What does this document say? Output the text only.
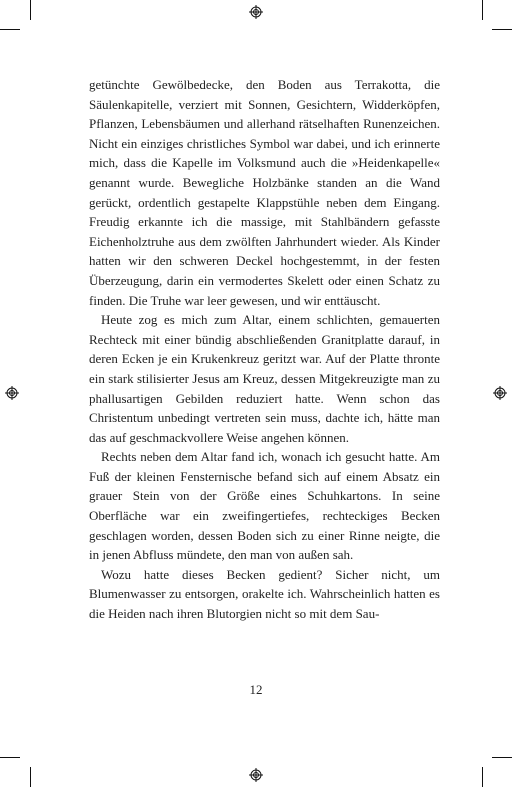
getünchte Gewölbedecke, den Boden aus Terrakotta, die Säulenkapitelle, verziert mit Sonnen, Gesichtern, Widderköpfen, Pflanzen, Lebensbäumen und allerhand rätselhaften Runenzeichen. Nicht ein einziges christliches Symbol war dabei, und ich erinnerte mich, dass die Kapelle im Volksmund auch die »Heidenkapelle« genannt wurde. Bewegliche Holzbänke standen an die Wand gerückt, ordentlich gestapelte Klappstühle neben dem Eingang. Freudig erkannte ich die massige, mit Stahlbändern gefasste Eichenholztruhe aus dem zwölften Jahrhundert wieder. Als Kinder hatten wir den schweren Deckel hochgestemmt, in der festen Überzeugung, darin ein vermodertes Skelett oder einen Schatz zu finden. Die Truhe war leer gewesen, und wir enttäuscht.

Heute zog es mich zum Altar, einem schlichten, gemauerten Rechteck mit einer bündig abschließenden Granitplatte darauf, in deren Ecken je ein Krukenkreuz geritzt war. Auf der Platte thronte ein stark stilisierter Jesus am Kreuz, dessen Mitgekreuzigte man zu phallusartigen Gebilden reduziert hatte. Wenn schon das Christentum unbedingt vertreten sein muss, dachte ich, hätte man das auf geschmackvollere Weise angehen können.

Rechts neben dem Altar fand ich, wonach ich gesucht hatte. Am Fuß der kleinen Fensternische befand sich auf einem Absatz ein grauer Stein von der Größe eines Schuhkartons. In seine Oberfläche war ein zweifingertiefes, rechteckiges Becken geschlagen worden, dessen Boden sich zu einer Rinne neigte, die in jenen Abfluss mündete, den man von außen sah.

Wozu hatte dieses Becken gedient? Sicher nicht, um Blumenwasser zu entsorgen, orakelte ich. Wahrscheinlich hatten es die Heiden nach ihren Blutorgien nicht so mit dem Sau-

12
